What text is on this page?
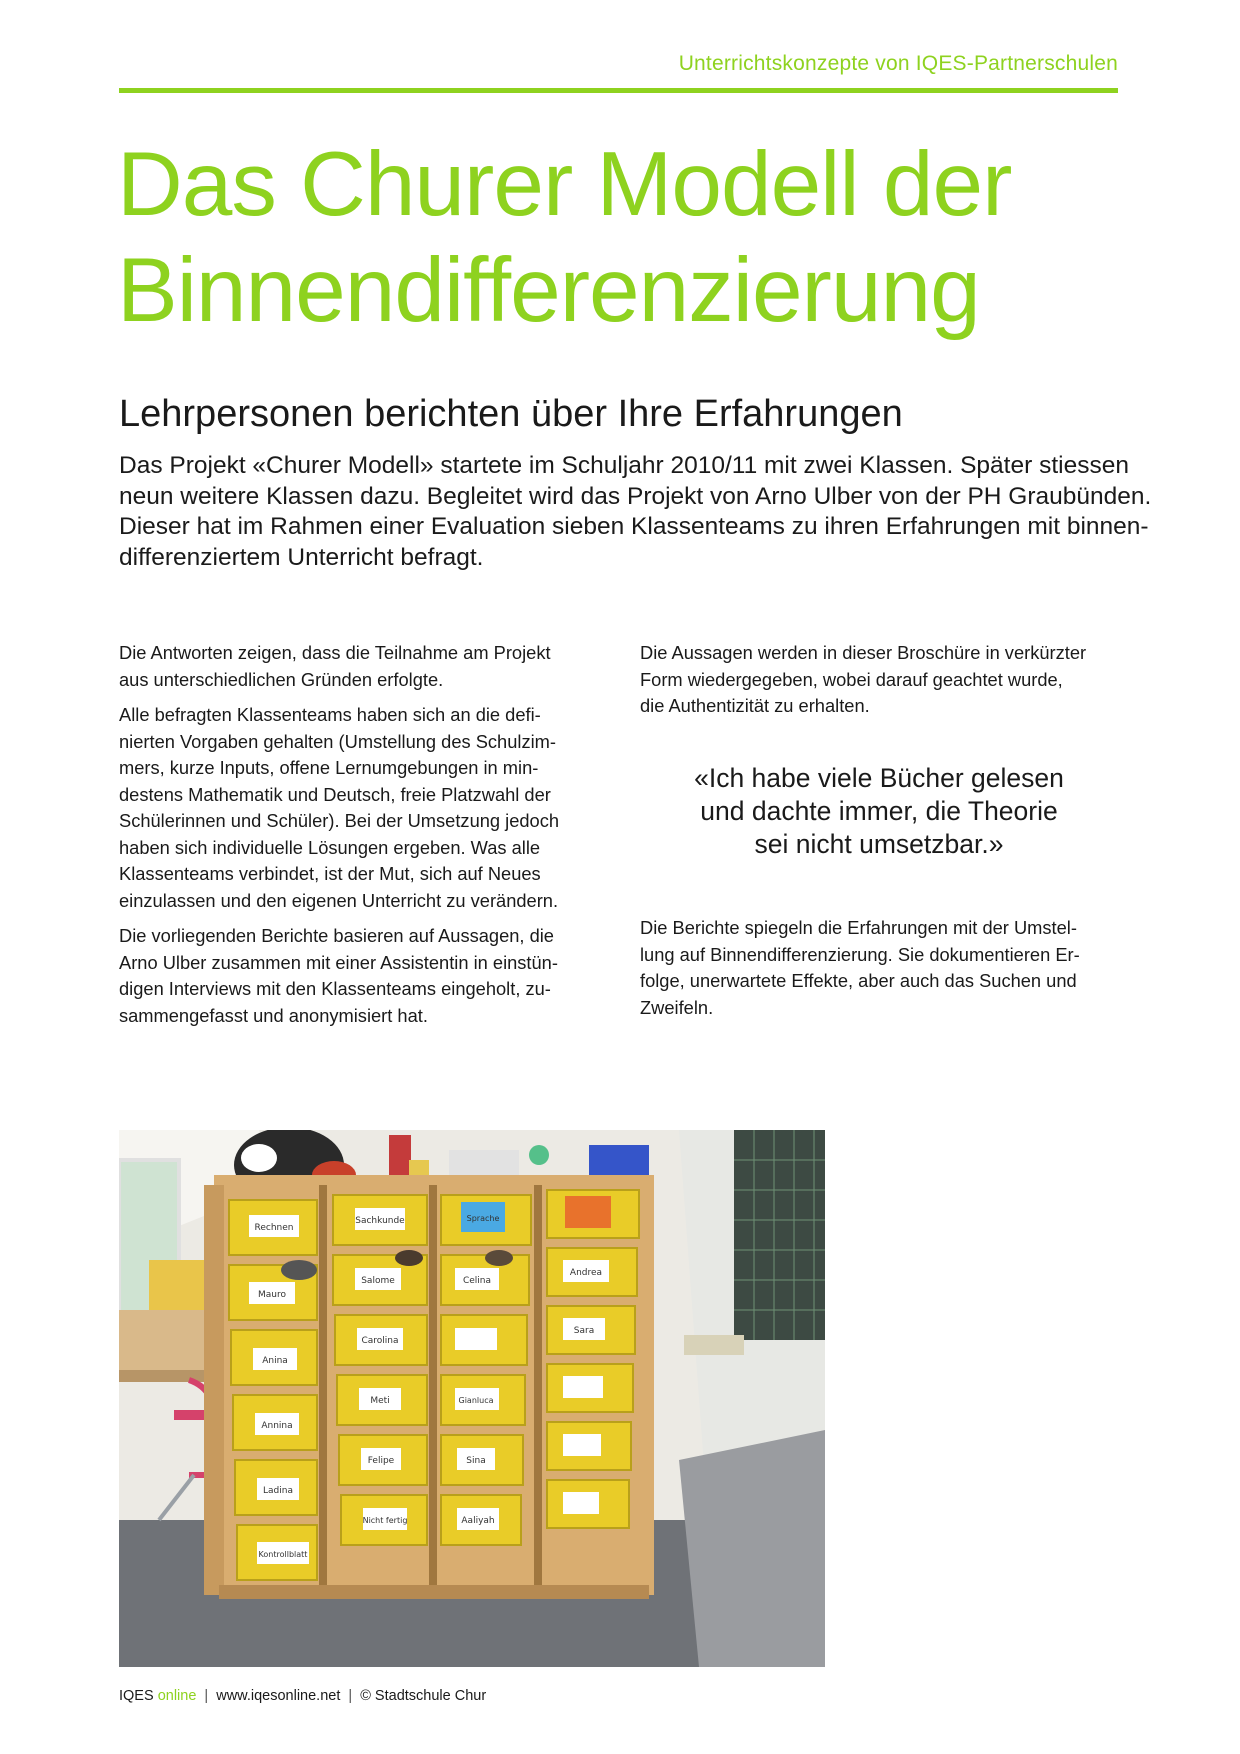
Unterrichtskonzepte von IQES-Partnerschulen
Das Churer Modell der
Binnendifferenzierung
Lehrpersonen berichten über Ihre Erfahrungen

Das Projekt «Churer Modell» startete im Schuljahr 2010/11 mit zwei Klassen. Später stiessen
neun weitere Klassen dazu. Begleitet wird das Projekt von Arno Ulber von der PH Graubünden.
Dieser hat im Rahmen einer Evaluation sieben Klassenteams zu ihren Erfahrungen mit binnen-
differenziertem Unterricht befragt.

Die Antworten zeigen, dass die Teilnahme am Projekt
aus unterschiedlichen Gründen erfolgte.

Alle befragten Klassenteams haben sich an die defi-
nierten Vorgaben gehalten (Umstellung des Schulzim-
mers, kurze Inputs, offene Lernumgebungen in min-
destens Mathematik und Deutsch, freie Platzwahl der
Schülerinnen und Schüler). Bei der Umsetzung jedoch
haben sich individuelle Lösungen ergeben. Was alle
Klassenteams verbindet, ist der Mut, sich auf Neues
einzulassen und den eigenen Unterricht zu verändern.

Die vorliegenden Berichte basieren auf Aussagen, die
Arno Ulber zusammen mit einer Assistentin in einstün-
digen Interviews mit den Klassenteams eingeholt, zu-
sammengefasst und anonymisiert hat.

Die Aussagen werden in dieser Broschüre in verkürzter
Form wiedergegeben, wobei darauf geachtet wurde,
die Authentizität zu erhalten.

«Ich habe viele Bücher gelesen
und dachte immer, die Theorie
sei nicht umsetzbar.»

Die Berichte spiegeln die Erfahrungen mit der Umstel-
lung auf Binnendifferenzierung. Sie dokumentieren Er-
folge, unerwartete Effekte, aber auch das Suchen und
Zweifeln.

Rechnen
Mauro
Anina
Annina
Ladina
Kontrollblatt
Sachkunde
Salome
Carolina
Meti
Felipe
Nicht fertig
Sprache
Celina
Gianluca
Sina
Aaliyah
Andrea
Sara
IQES online | www.iqesonline.net | © Stadtschule Chur
